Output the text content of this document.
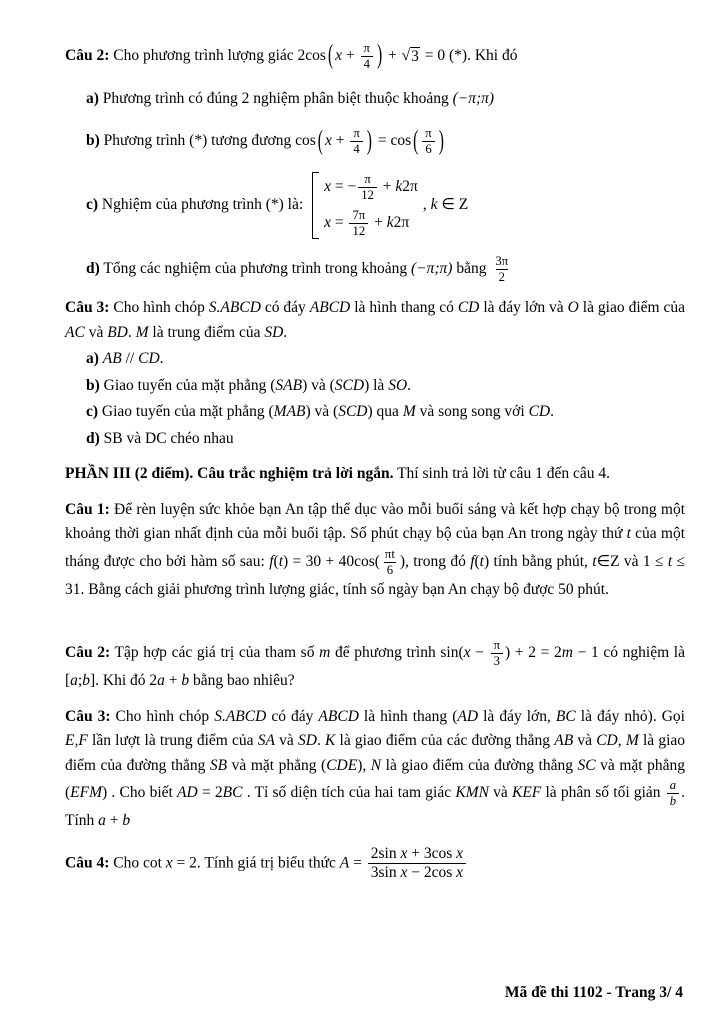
Câu 2: Cho phương trình lượng giác 2cos ( $x + \frac{\pi}{4}$ ) + √ 3 = 0 (*). Khi đó

a) Phương trình có đúng 2 nghiệm phân biệt thuộc khoảng (−π;π)

b) Phương trình (*) tương đương cos ( $x + \frac{\pi}{4}$ ) = cos ( $\frac{\pi}{6}$ )

c) Nghiệm của phương trình (*) là:
x = − $\frac{\pi}{12} + k2\pi$
$x = \frac{7\pi}{12} + k2\pi$
, k ∈ Z

d) Tổng các nghiệm của phương trình trong khoảng (−π;π) bằng $\frac{3\pi}{2}$

Câu 3: Cho hình chóp S.ABCD có đáy ABCD là hình thang có CD là đáy lớn và O là giao điểm của AC và BD. M là trung điểm của SD.

a) AB // CD.

b) Giao tuyến của mặt phẳng (SAB) và (SCD) là SO.

c) Giao tuyến của mặt phẳng (MAB) và (SCD) qua M và song song với CD.

d) SB và DC chéo nhau

PHẦN III (2 điểm). Câu trắc nghiệm trả lời ngắn. Thí sinh trả lời từ câu 1 đến câu 4.

Câu 1: Để rèn luyện sức khỏe bạn An tập thể dục vào mỗi buổi sáng và kết hợp chạy bộ trong một khoảng thời gian nhất định của mỗi buổi tập. Số phút chạy bộ của bạn An trong ngày thứ t của một tháng được cho bởi hàm số sau: $f(t) = 30 + 40\cos( \frac{\pi t}{6}$ ), trong đó f(t) tính bằng phút, t∈Z và 1 ≤ t ≤ 31. Bằng cách giải phương trình lượng giác, tính số ngày bạn An chạy bộ được 50 phút.

Câu 2: Tập hợp các giá trị của tham số m để phương trình $\sin(x - \frac{\pi}{3}$ ) + 2 = 2m − 1 có nghiệm là [a;b]. Khi đó 2a + b bằng bao nhiêu?

Câu 3: Cho hình chóp S.ABCD có đáy ABCD là hình thang (AD là đáy lớn, BC là đáy nhỏ). Gọi E,F lần lượt là trung điểm của SA và SD. K là giao điểm của các đường thẳng AB và CD, M là giao điểm của đường thẳng SB và mặt phẳng (CDE), N là giao điểm của đường thẳng SC và mặt phẳng (EFM) . Cho biết AD = 2BC . Tỉ số diện tích của hai tam giác KMN và KEF là phân số tối giản $\frac{a}{b}$ . Tính a + b

Câu 4: Cho cot x = 2. Tính giá trị biểu thức $A = \frac{\text{2sin x + 3cos x}}{\text{3sin x − 2cos x}}$

Mã đề thi 1102 - Trang 3/ 4
